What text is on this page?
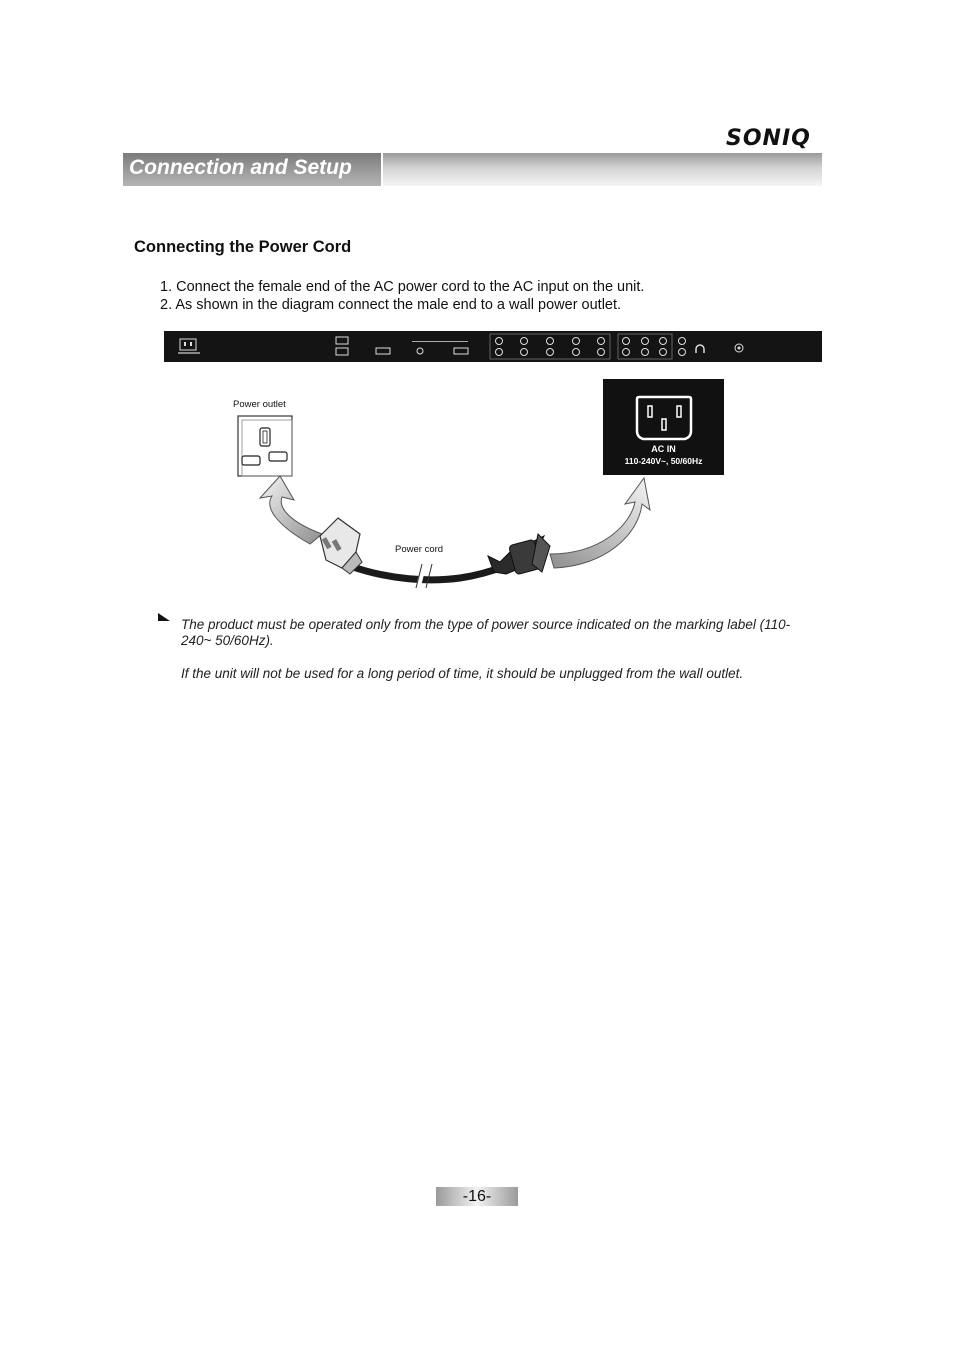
SONIQ
Connection and Setup
Connecting the Power Cord
1. Connect the female end of the AC power cord to the AC input on the unit.
2. As shown in the diagram connect the male end to a wall power outlet.
Power outlet
Power cord
AC IN
110-240V~, 50/60Hz

The product must be operated only from the type of power source indicated on the marking label (110-240~ 50/60Hz).

If the unit will not be used for a long period of time, it should be unplugged from the wall outlet.

-16-
